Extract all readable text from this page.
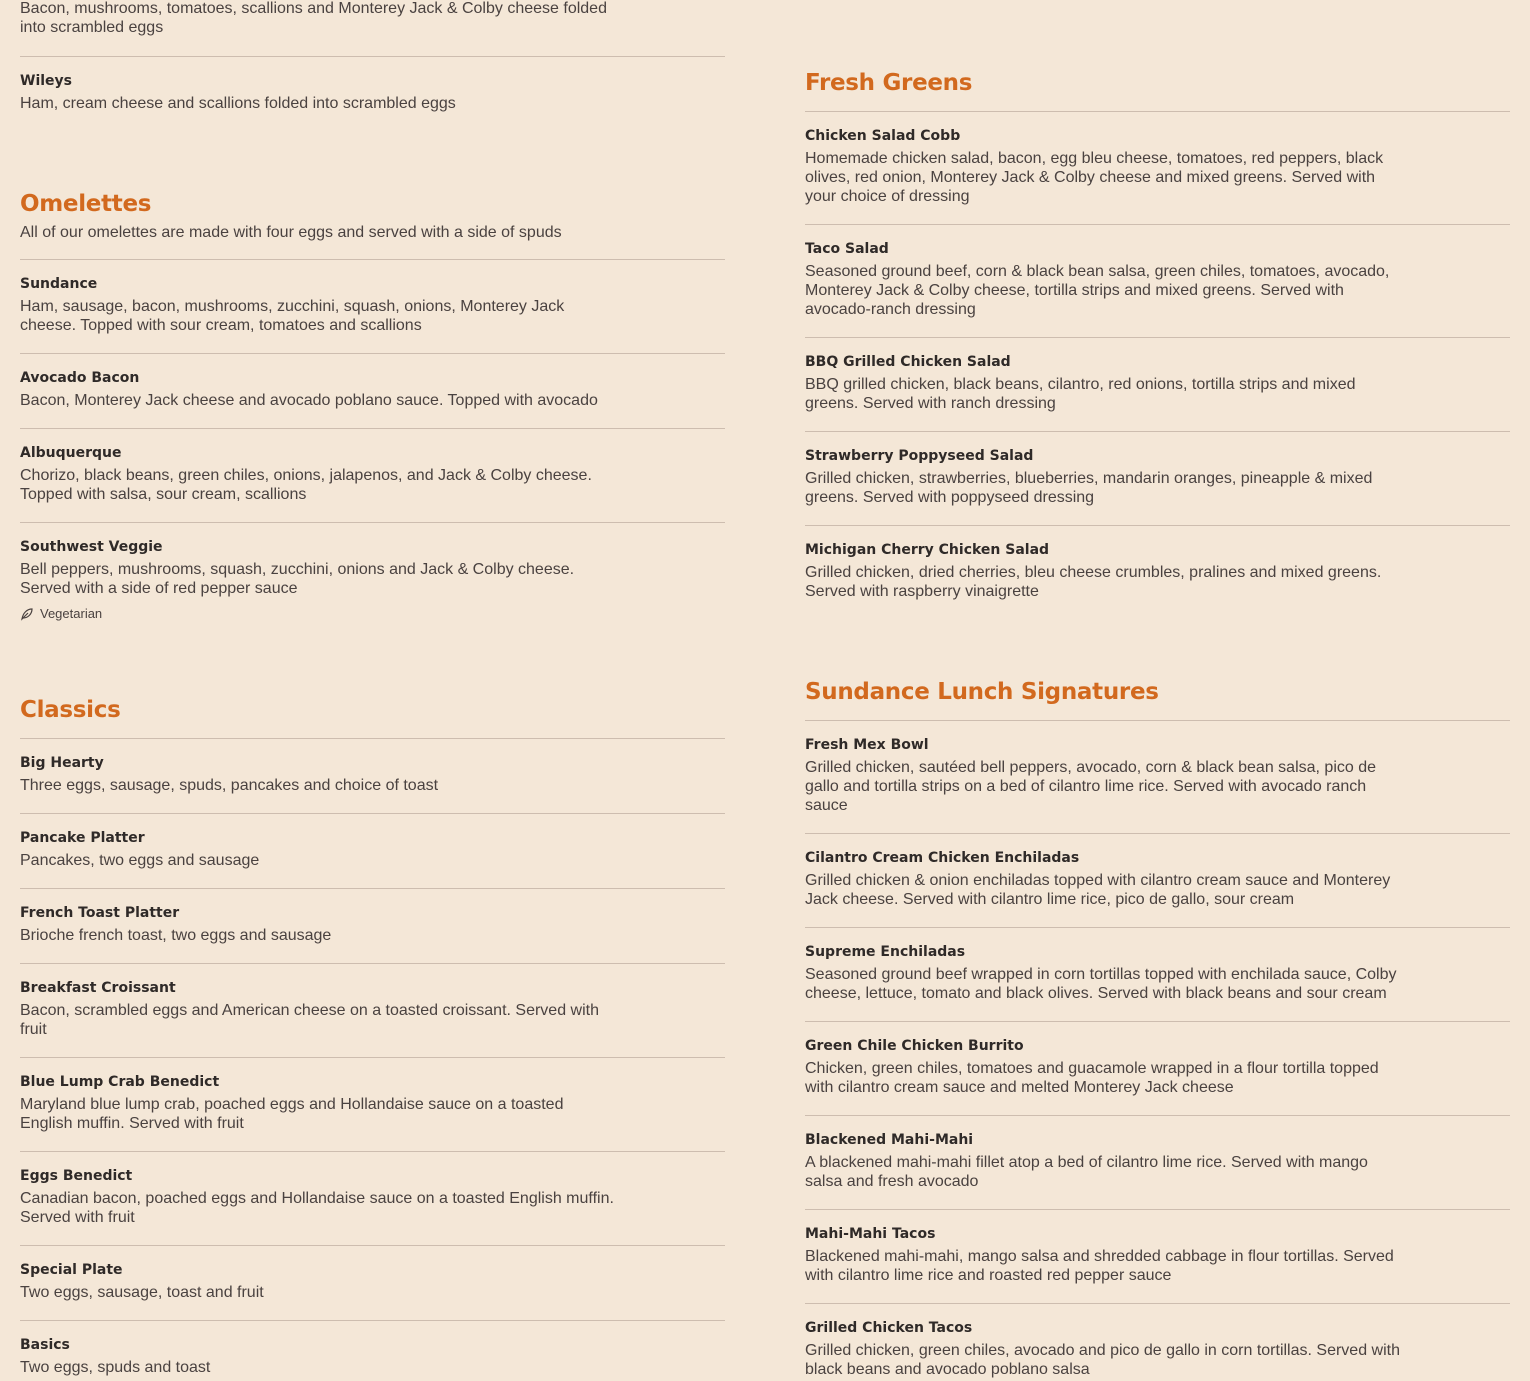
Bacon, mushrooms, tomatoes, scallions and Monterey Jack & Colby cheese folded into scrambled eggs
Wileys
Ham, cream cheese and scallions folded into scrambled eggs
Omelettes
All of our omelettes are made with four eggs and served with a side of spuds
Sundance
Ham, sausage, bacon, mushrooms, zucchini, squash, onions, Monterey Jack cheese. Topped with sour cream, tomatoes and scallions
Avocado Bacon
Bacon, Monterey Jack cheese and avocado poblano sauce. Topped with avocado
Albuquerque
Chorizo, black beans, green chiles, onions, jalapenos, and Jack & Colby cheese. Topped with salsa, sour cream, scallions
Southwest Veggie
Bell peppers, mushrooms, squash, zucchini, onions and Jack & Colby cheese. Served with a side of red pepper sauce
Vegetarian
Classics
Big Hearty
Three eggs, sausage, spuds, pancakes and choice of toast
Pancake Platter
Pancakes, two eggs and sausage
French Toast Platter
Brioche french toast, two eggs and sausage
Breakfast Croissant
Bacon, scrambled eggs and American cheese on a toasted croissant. Served with fruit
Blue Lump Crab Benedict
Maryland blue lump crab, poached eggs and Hollandaise sauce on a toasted English muffin. Served with fruit
Eggs Benedict
Canadian bacon, poached eggs and Hollandaise sauce on a toasted English muffin. Served with fruit
Special Plate
Two eggs, sausage, toast and fruit
Basics
Two eggs, spuds and toast
Fresh Greens
Chicken Salad Cobb
Homemade chicken salad, bacon, egg bleu cheese, tomatoes, red peppers, black olives, red onion, Monterey Jack & Colby cheese and mixed greens. Served with your choice of dressing
Taco Salad
Seasoned ground beef, corn & black bean salsa, green chiles, tomatoes, avocado, Monterey Jack & Colby cheese, tortilla strips and mixed greens. Served with avocado-ranch dressing
BBQ Grilled Chicken Salad
BBQ grilled chicken, black beans, cilantro, red onions, tortilla strips and mixed greens. Served with ranch dressing
Strawberry Poppyseed Salad
Grilled chicken, strawberries, blueberries, mandarin oranges, pineapple & mixed greens. Served with poppyseed dressing
Michigan Cherry Chicken Salad
Grilled chicken, dried cherries, bleu cheese crumbles, pralines and mixed greens. Served with raspberry vinaigrette
Sundance Lunch Signatures
Fresh Mex Bowl
Grilled chicken, sautéed bell peppers, avocado, corn & black bean salsa, pico de gallo and tortilla strips on a bed of cilantro lime rice. Served with avocado ranch sauce
Cilantro Cream Chicken Enchiladas
Grilled chicken & onion enchiladas topped with cilantro cream sauce and Monterey Jack cheese. Served with cilantro lime rice, pico de gallo, sour cream
Supreme Enchiladas
Seasoned ground beef wrapped in corn tortillas topped with enchilada sauce, Colby cheese, lettuce, tomato and black olives. Served with black beans and sour cream
Green Chile Chicken Burrito
Chicken, green chiles, tomatoes and guacamole wrapped in a flour tortilla topped with cilantro cream sauce and melted Monterey Jack cheese
Blackened Mahi-Mahi
A blackened mahi-mahi fillet atop a bed of cilantro lime rice. Served with mango salsa and fresh avocado
Mahi-Mahi Tacos
Blackened mahi-mahi, mango salsa and shredded cabbage in flour tortillas. Served with cilantro lime rice and roasted red pepper sauce
Grilled Chicken Tacos
Grilled chicken, green chiles, avocado and pico de gallo in corn tortillas. Served with black beans and avocado poblano salsa
